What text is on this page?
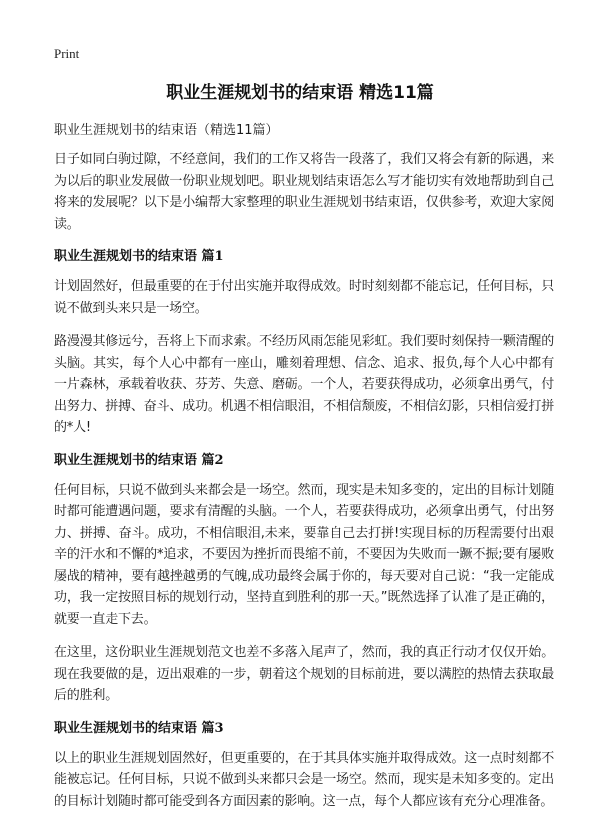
Print
职业生涯规划书的结束语 精选11篇
职业生涯规划书的结束语（精选11篇）

日子如同白驹过隙，不经意间，我们的工作又将告一段落了，我们又将会有新的际遇，来为以后的职业发展做一份职业规划吧。职业规划结束语怎么写才能切实有效地帮助到自己将来的发展呢？以下是小编帮大家整理的职业生涯规划书结束语，仅供参考，欢迎大家阅读。

职业生涯规划书的结束语 篇1

计划固然好，但最重要的在于付出实施并取得成效。时时刻刻都不能忘记，任何目标，只说不做到头来只是一场空。

路漫漫其修远兮，吾将上下而求索。不经历风雨怎能见彩虹。我们要时刻保持一颗清醒的头脑。其实，每个人心中都有一座山，雕刻着理想、信念、追求、报负,每个人心中都有一片森林，承载着收获、芬芳、失意、磨砺。一个人，若要获得成功，必须拿出勇气，付出努力、拼搏、奋斗、成功。机遇不相信眼泪，不相信颓废，不相信幻影，只相信爱打拼的*人!

职业生涯规划书的结束语 篇2

任何目标，只说不做到头来都会是一场空。然而，现实是未知多变的，定出的目标计划随时都可能遭遇问题，要求有清醒的头脑。一个人，若要获得成功，必须拿出勇气，付出努力、拼搏、奋斗。成功，不相信眼泪,未来，要靠自己去打拼!实现目标的历程需要付出艰辛的汗水和不懈的*追求，不要因为挫折而畏缩不前，不要因为失败而一蹶不振;要有屡败屡战的精神，要有越挫越勇的气魄,成功最终会属于你的，每天要对自己说：“我一定能成功，我一定按照目标的规划行动，坚持直到胜利的那一天。”既然选择了认准了是正确的，就要一直走下去。

在这里，这份职业生涯规划范文也差不多落入尾声了，然而，我的真正行动才仅仅开始。现在我要做的是，迈出艰难的一步，朝着这个规划的目标前进，要以满腔的热情去获取最后的胜利。

职业生涯规划书的结束语 篇3

以上的职业生涯规划固然好，但更重要的，在于其具体实施并取得成效。这一点时刻都不能被忘记。任何目标，只说不做到头来都只会是一场空。然而，现实是未知多变的。定出的目标计划随时都可能受到各方面因素的影响。这一点，每个人都应该有充分心理准备。
